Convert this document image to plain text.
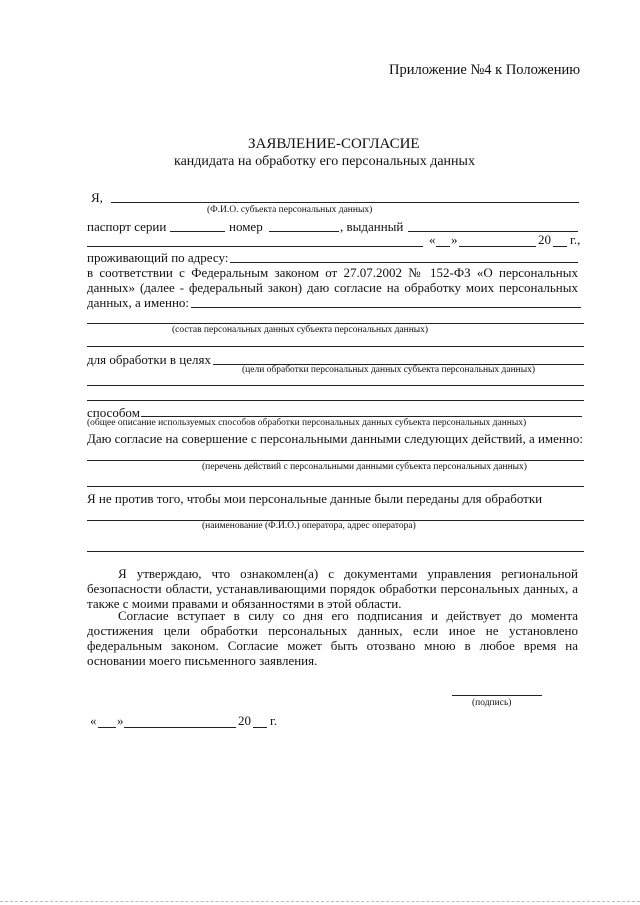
Приложение №4 к Положению
ЗАЯВЛЕНИЕ-СОГЛАСИЕ
кандидата на обработку его персональных данных
Я,
(Ф.И.О. субъекта персональных данных)
паспорт серии	номер	, выданный
« »	20 г.,
проживающий по адресу:
в соответствии с Федеральным законом от 27.07.2002 № 152-ФЗ «О персональных
данных» (далее - федеральный закон) даю согласие на обработку моих персональных
данных, а именно:
(состав персональных данных субъекта персональных данных)
для обработки в целях
(цели обработки персональных данных субъекта персональных данных)
способом
(общее описание используемых способов обработки персональных данных субъекта персональных данных)
Даю согласие на совершение с персональными данными следующих действий, а именно:
(перечень действий с персональными данными субъекта персональных данных)
Я не против того, чтобы мои персональные данные были переданы для обработки
(наименование (Ф.И.О.) оператора, адрес оператора)
Я утверждаю, что ознакомлен(а) с документами управления региональной
безопасности области, устанавливающими порядок обработки персональных данных, а
также с моими правами и обязанностями в этой области.
Согласие вступает в силу со дня его подписания и действует до момента
достижения цели обработки персональных данных, если иное не установлено
федеральным законом. Согласие может быть отозвано мною в любое время на
основании моего письменного заявления.
« »	20 г.
(подпись)
